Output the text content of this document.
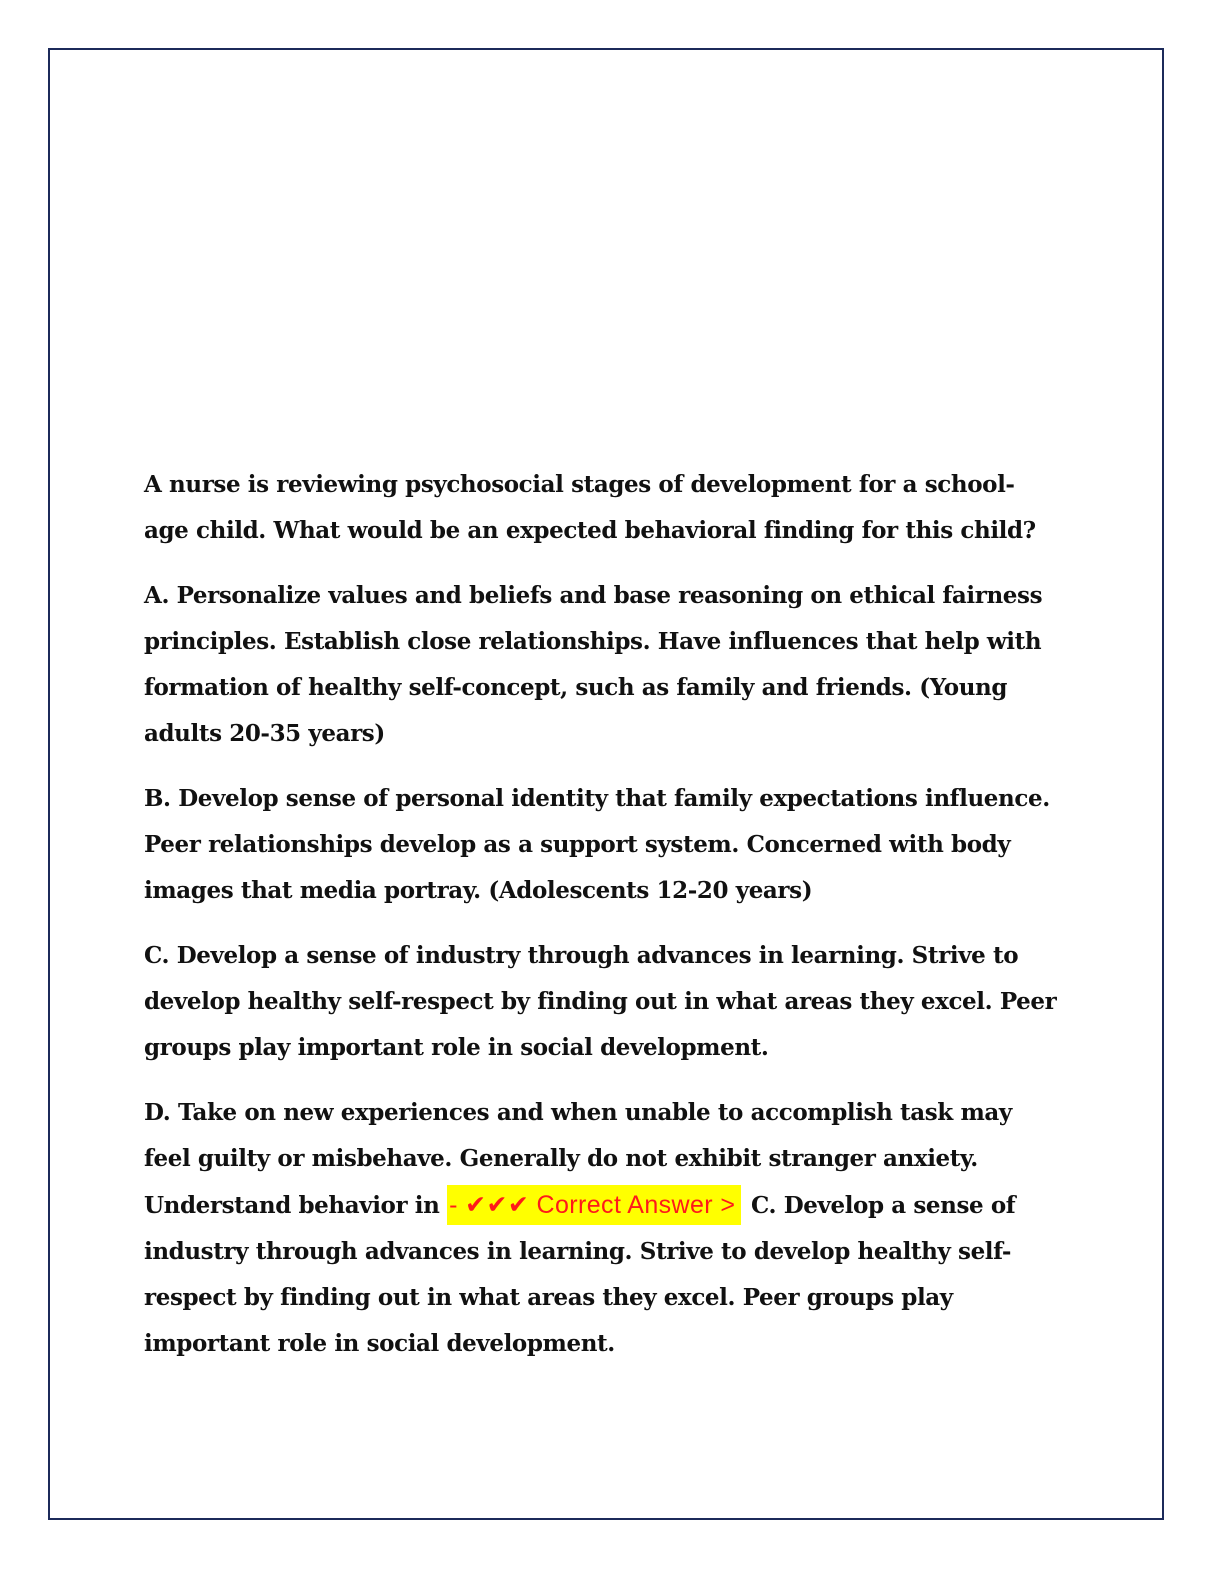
A nurse is reviewing psychosocial stages of development for a school- age child. What would be an expected behavioral finding for this child?

A. Personalize values and beliefs and base reasoning on ethical fairness principles. Establish close relationships. Have influences that help with formation of healthy self-concept, such as family and friends. (Young adults 20-35 years)

B. Develop sense of personal identity that family expectations influence. Peer relationships develop as a support system. Concerned with body images that media portray. (Adolescents 12-20 years)

C. Develop a sense of industry through advances in learning. Strive to develop healthy self-respect by finding out in what areas they excel. Peer groups play important role in social development.

D. Take on new experiences and when unable to accomplish task may feel guilty or misbehave. Generally do not exhibit stranger anxiety. Understand behavior in - ✔✔✔ Correct Answer > C. Develop a sense of industry through advances in learning. Strive to develop healthy self- respect by finding out in what areas they excel. Peer groups play important role in social development.
